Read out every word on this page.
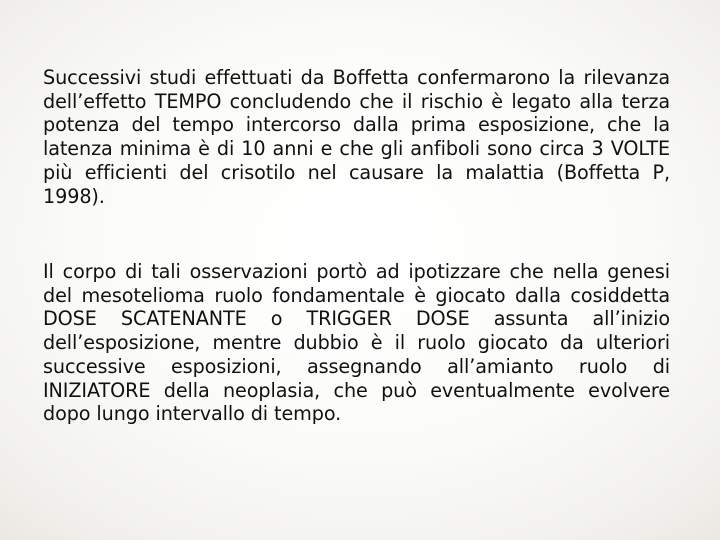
Successivi studi effettuati da Boffetta confermarono la rilevanza dell’effetto TEMPO concludendo che il rischio è legato alla terza potenza del tempo intercorso dalla prima esposizione, che la latenza minima è di 10 anni e che gli anfiboli sono circa 3 VOLTE più efficienti del crisotilo nel causare la malattia (Boffetta P, 1998).

Il corpo di tali osservazioni portò ad ipotizzare che nella genesi del mesotelioma ruolo fondamentale è giocato dalla cosiddetta DOSE SCATENANTE o TRIGGER DOSE assunta all’inizio dell’esposizione, mentre dubbio è il ruolo giocato da ulteriori successive esposizioni, assegnando all’amianto ruolo di INIZIATORE della neoplasia, che può eventualmente evolvere dopo lungo intervallo di tempo.
